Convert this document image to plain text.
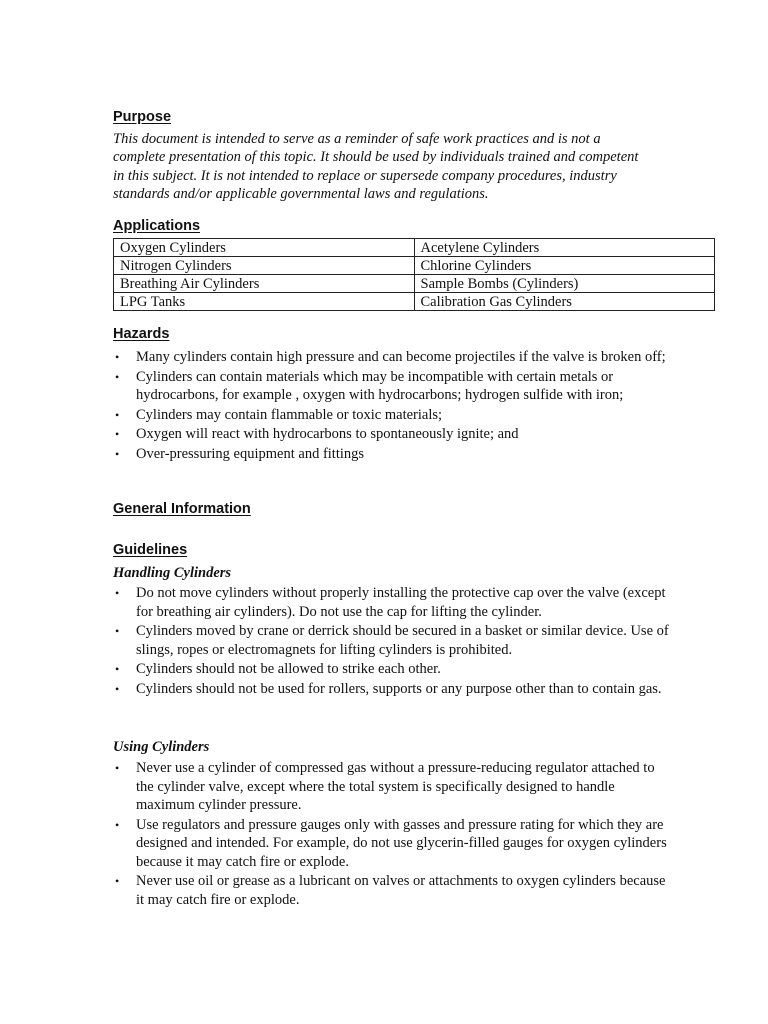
Purpose

This document is intended to serve as a reminder of safe work practices and is not a complete presentation of this topic. It should be used by individuals trained and competent in this subject. It is not intended to replace or supersede company procedures, industry standards and/or applicable governmental laws and regulations.

Applications
Oxygen Cylinders	Acetylene Cylinders
Nitrogen Cylinders	Chlorine Cylinders
Breathing Air Cylinders	Sample Bombs (Cylinders)
LPG Tanks	Calibration Gas Cylinders
Hazards
• Many cylinders contain high pressure and can become projectiles if the valve is broken off;
• Cylinders can contain materials which may be incompatible with certain metals or hydrocarbons, for example , oxygen with hydrocarbons; hydrogen sulfide with iron;
• Cylinders may contain flammable or toxic materials;
• Oxygen will react with hydrocarbons to spontaneously ignite; and
• Over-pressuring equipment and fittings
General Information
Guidelines
Handling Cylinders
• Do not move cylinders without properly installing the protective cap over the valve (except for breathing air cylinders). Do not use the cap for lifting the cylinder.
• Cylinders moved by crane or derrick should be secured in a basket or similar device. Use of slings, ropes or electromagnets for lifting cylinders is prohibited.
• Cylinders should not be allowed to strike each other.
• Cylinders should not be used for rollers, supports or any purpose other than to contain gas.
Using Cylinders
• Never use a cylinder of compressed gas without a pressure-reducing regulator attached to the cylinder valve, except where the total system is specifically designed to handle maximum cylinder pressure.
• Use regulators and pressure gauges only with gasses and pressure rating for which they are designed and intended. For example, do not use glycerin-filled gauges for oxygen cylinders because it may catch fire or explode.
• Never use oil or grease as a lubricant on valves or attachments to oxygen cylinders because it may catch fire or explode.
